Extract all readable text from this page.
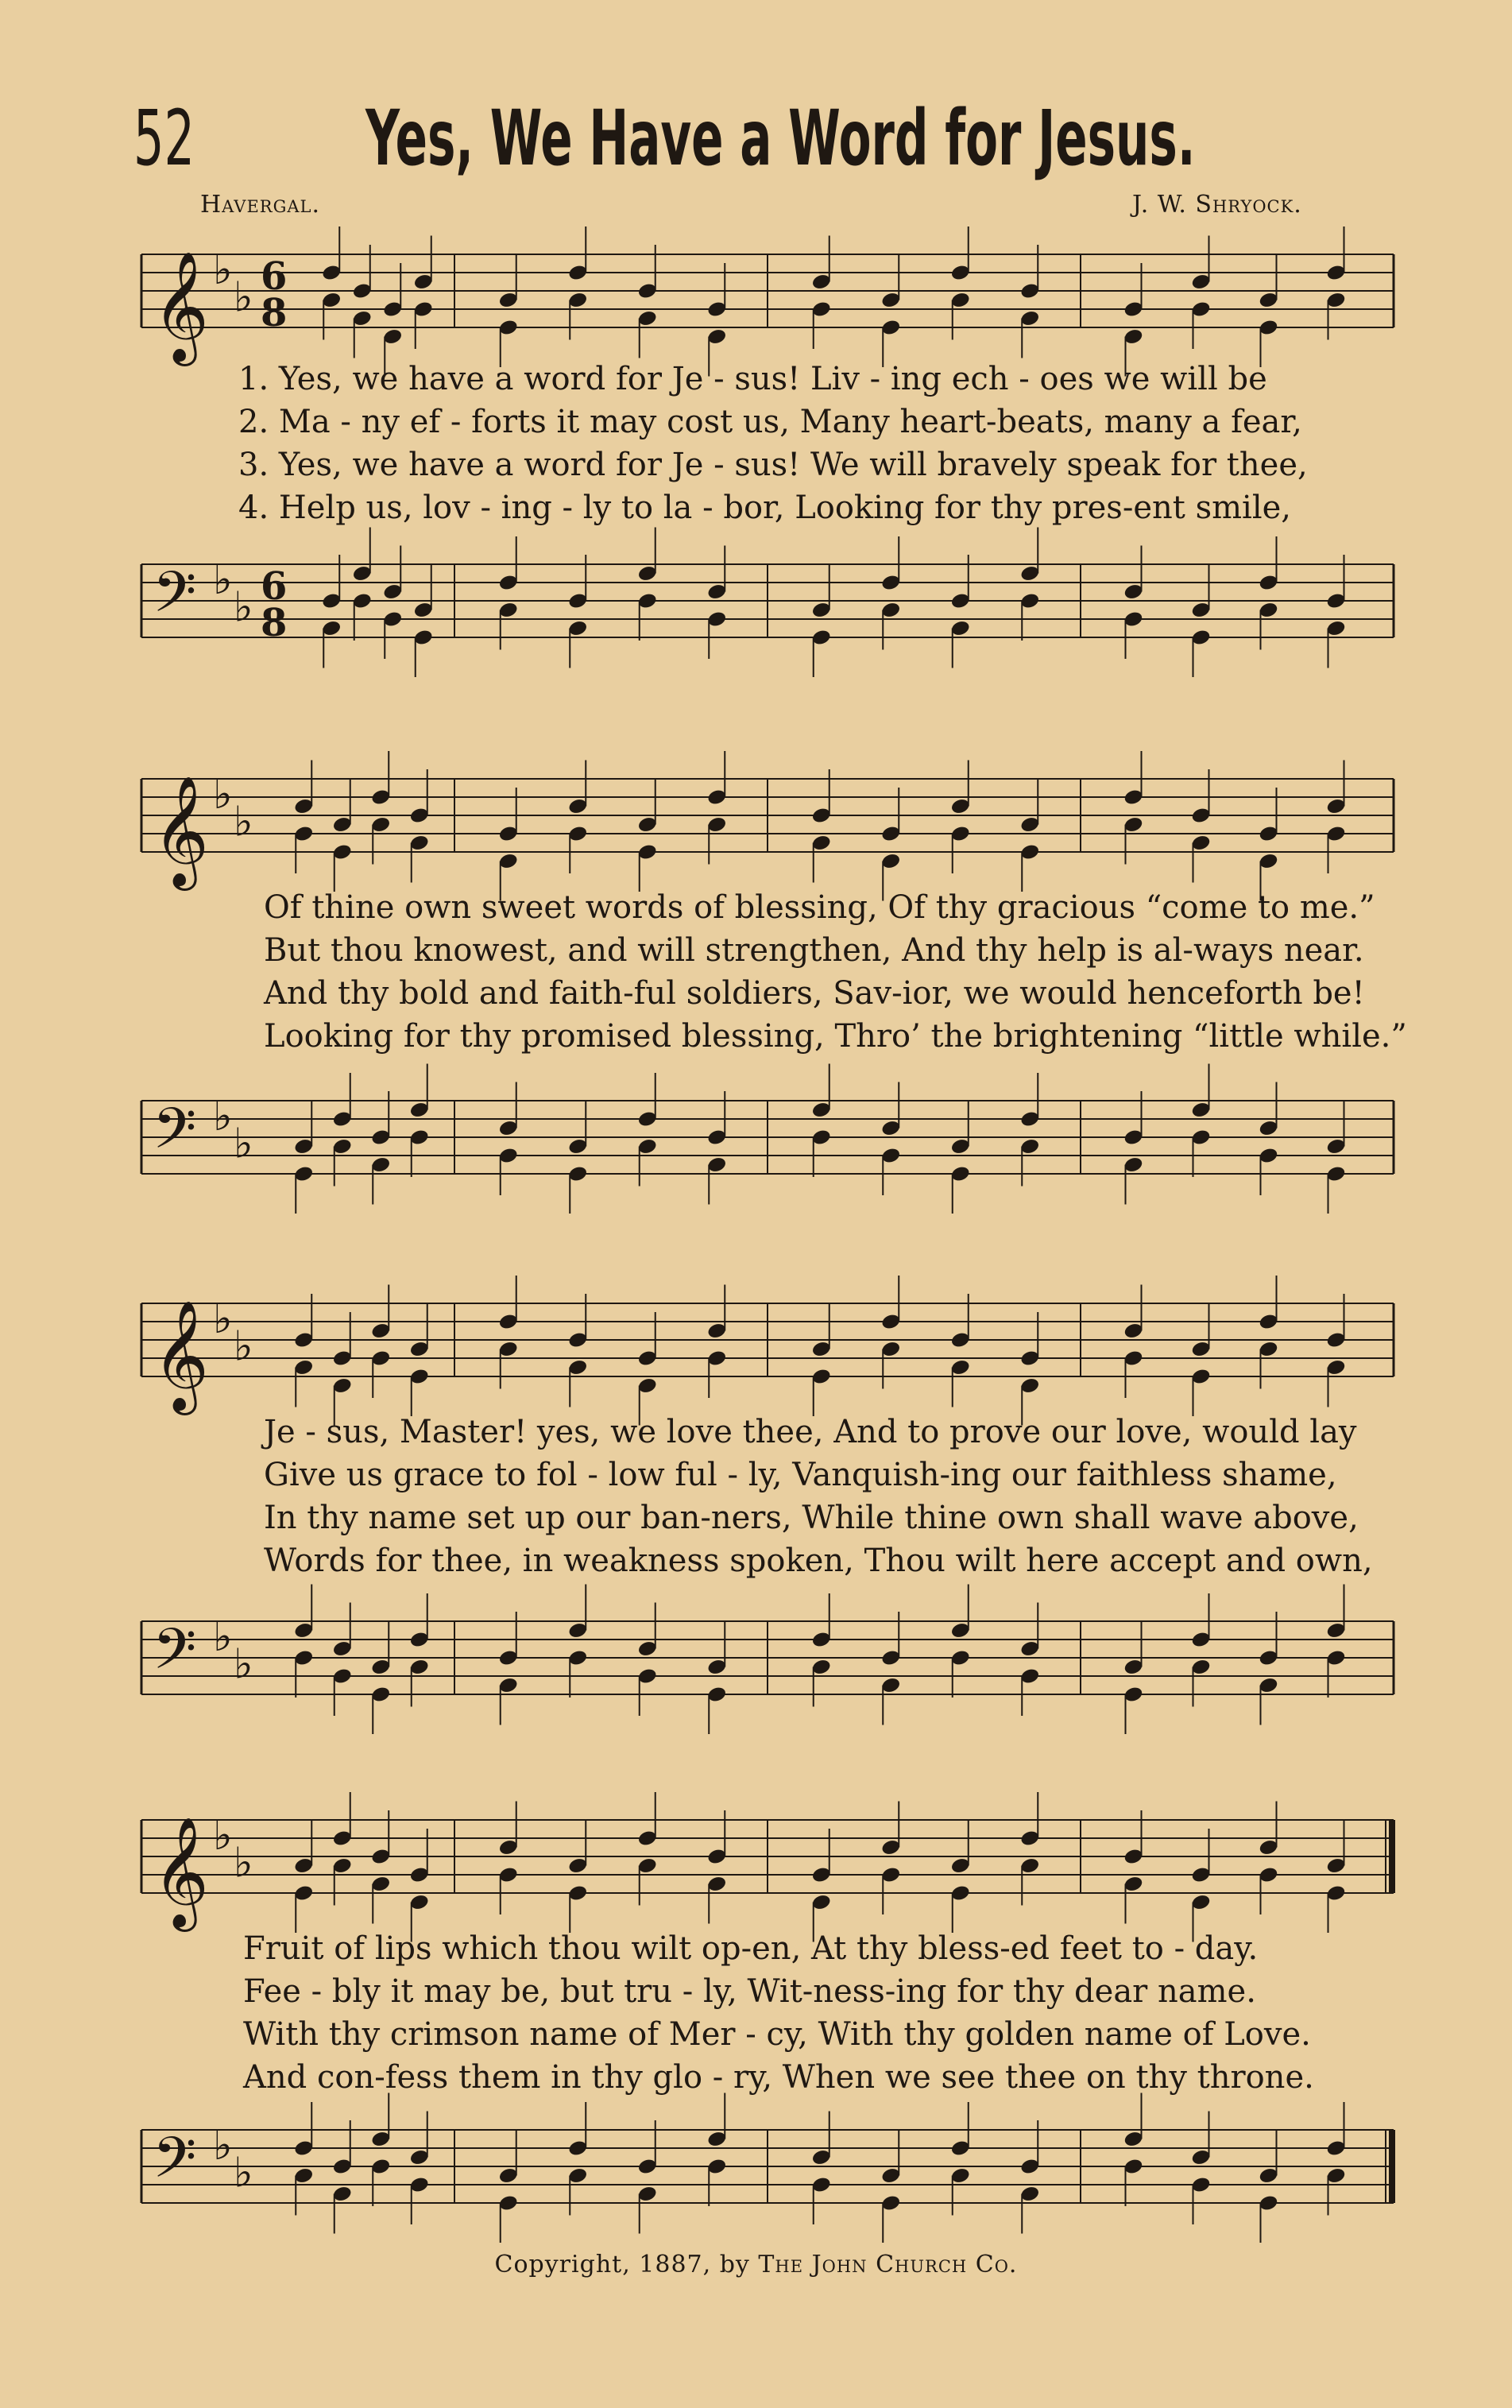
52 Yes, We Have a Word for Jesus.
Havergal.	J. W. Shryock.
𝄞 ♭
♭ 6
8
1. Yes, we have a word for Je - sus! Liv - ing ech - oes we will be
2. Ma - ny ef - forts it may cost us, Many heart-beats, many a fear,
3. Yes, we have a word for Je - sus! We will bravely speak for thee,
4. Help us, lov - ing - ly to la - bor, Looking for thy pres-ent smile,
𝄢 ♭
♭ 6
8
𝄞 ♭
♭
Of thine own sweet words of blessing, Of thy gracious “come to me.”
But thou knowest, and will strengthen, And thy help is al-ways near.
And thy bold and faith-ful soldiers, Sav-ior, we would henceforth be!
Looking for thy promised blessing, Thro’ the brightening “little while.”
𝄢 ♭
♭
𝄞 ♭
♭
Je - sus, Master! yes, we love thee, And to prove our love, would lay
Give us grace to fol - low ful - ly, Vanquish-ing our faithless shame,
In thy name set up our ban-ners, While thine own shall wave above,
Words for thee, in weakness spoken, Thou wilt here accept and own,
𝄢 ♭
♭
𝄞 ♭
♭
Fruit of lips which thou wilt op-en, At thy bless-ed feet to - day.
Fee - bly it may be, but tru - ly, Wit-ness-ing for thy dear name.
With thy crimson name of Mer - cy, With thy golden name of Love.
And con-fess them in thy glo - ry, When we see thee on thy throne.
𝄢 ♭
♭
Copyright, 1887, by The John Church Co.
